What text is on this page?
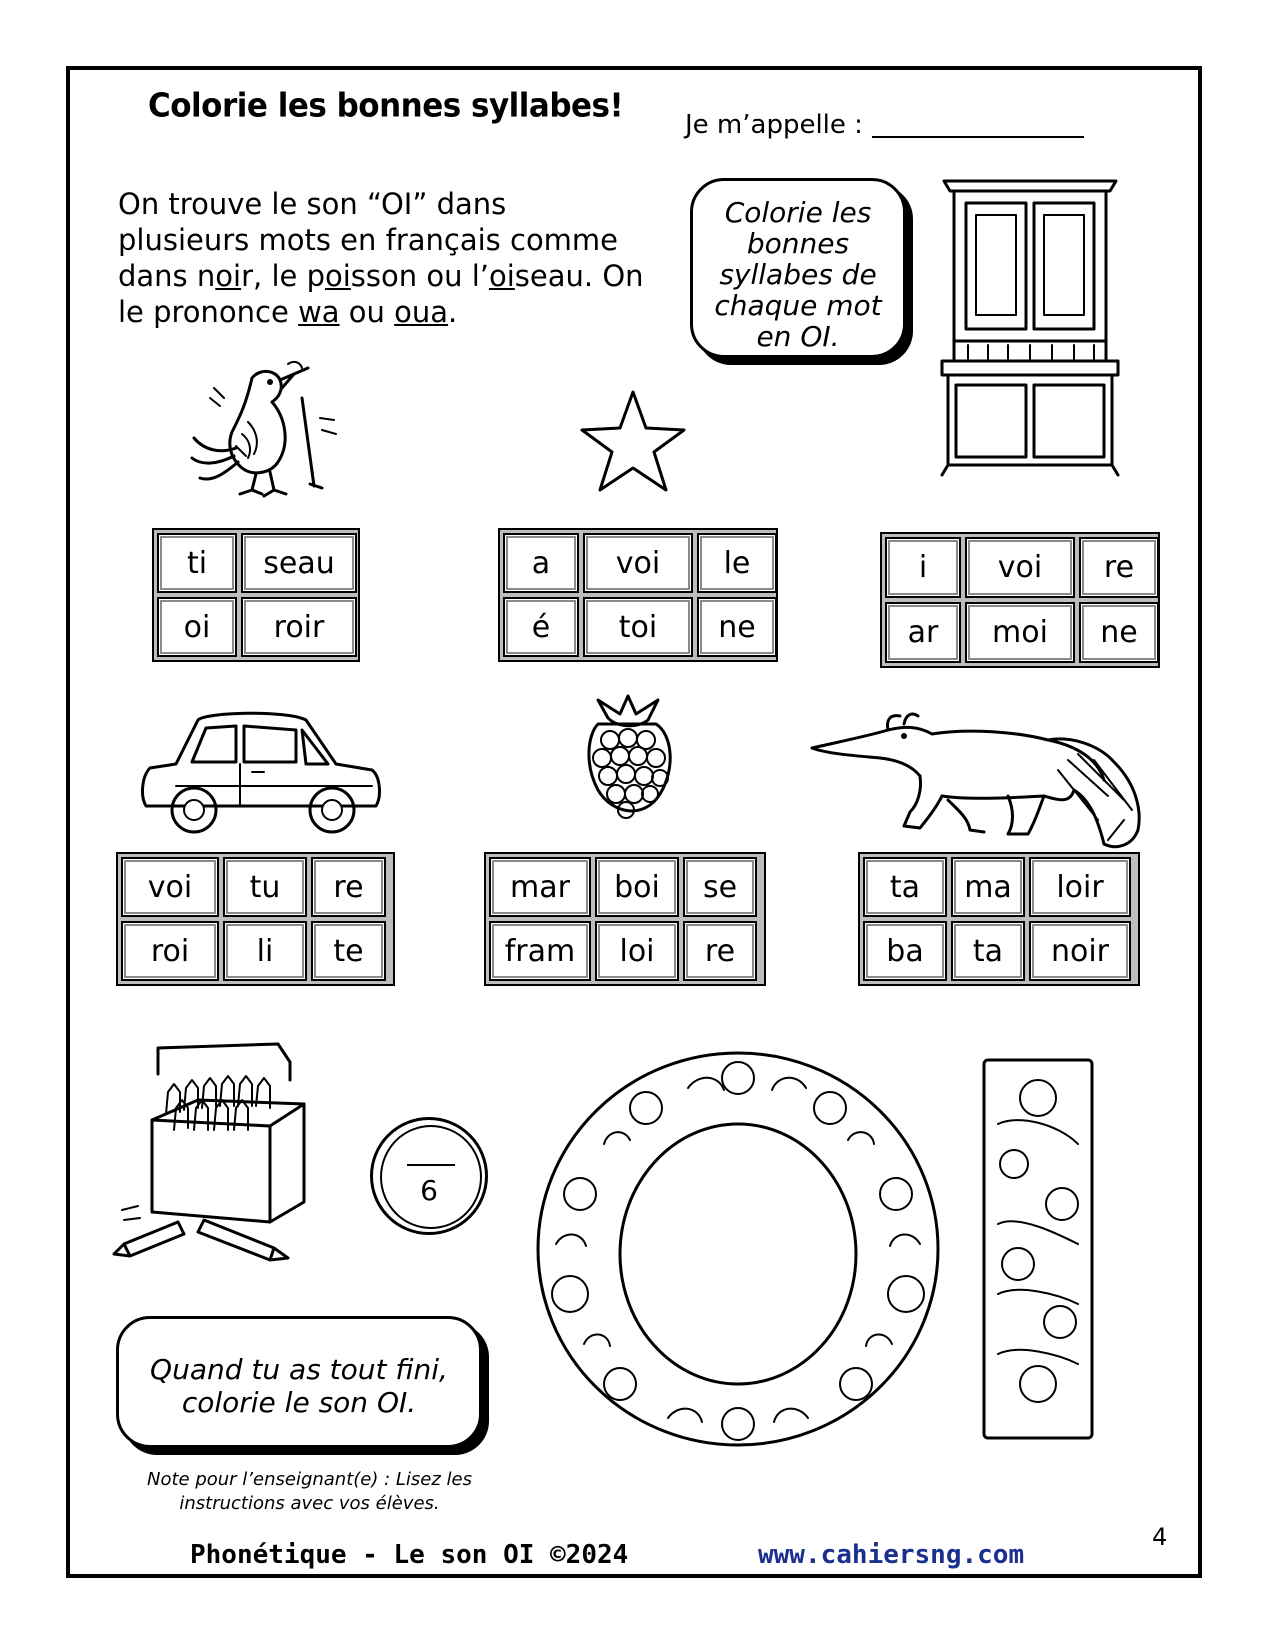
Colorie les bonnes syllabes!
Je m’appelle :
On trouve le son “OI” dans
plusieurs mots en français comme
dans noir, le poisson ou l’oiseau. On
le prononce wa ou oua.
Colorie les
bonnes
syllabes de
chaque mot
en OI.
ti	seau
oi	roir
a	voi	le
é	toi	ne
i	voi	re
ar	moi	ne
voi	tu	re
roi	li	te
mar	boi	se
fram	loi	re
ta	ma	loir
ba	ta	noir
6
Quand tu as tout fini,
colorie le son OI.
Note pour l’enseignant(e) : Lisez les
instructions avec vos élèves.
Phonétique - Le son OI ©2024	www.cahiersng.com
4
